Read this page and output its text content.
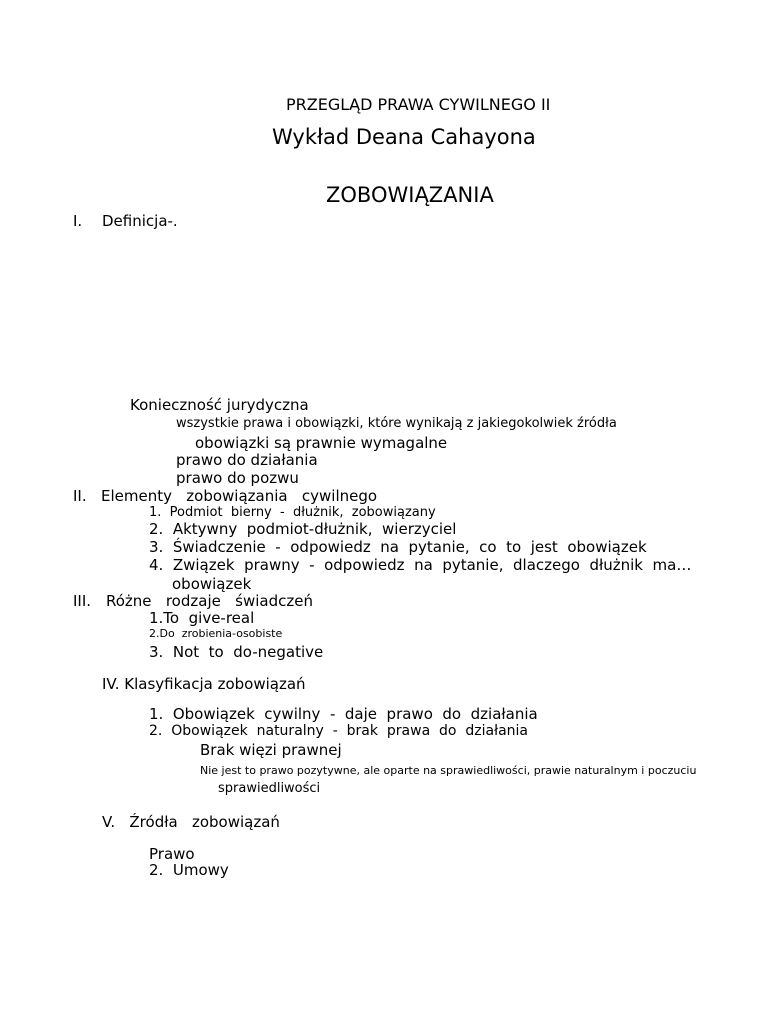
PRZEGLĄD PRAWA CYWILNEGO II
Wykład Deana Cahayona
ZOBOWIĄZANIA
I. Definicja-.
Konieczność jurydyczna
wszystkie prawa i obowiązki, które wynikają z jakiegokolwiek źródła
obowiązki są prawnie wymagalne
prawo do działania
prawo do pozwu
II. Elementy   zobowiązania   cywilnego
1.  Podmiot  bierny  -  dłużnik,  zobowiązany
2.  Aktywny  podmiot-dłużnik,  wierzyciel
3.  Świadczenie  -  odpowiedz  na  pytanie,  co  to  jest  obowiązek
4.  Związek  prawny  -  odpowiedz  na  pytanie,  dlaczego  dłużnik  ma…
obowiązek
III. Różne   rodzaje   świadczeń
1.To  give-real
2.Do  zrobienia-osobiste
3.  Not  to  do-negative
IV. Klasyfikacja zobowiązań
1.  Obowiązek  cywilny  -  daje  prawo  do  działania
2.  Obowiązek  naturalny  -  brak  prawa  do  działania
Brak więzi prawnej
Nie jest to prawo pozytywne, ale oparte na sprawiedliwości, prawie naturalnym i poczuciu
sprawiedliwości
V.   Źródła   zobowiązań
Prawo
2.  Umowy
